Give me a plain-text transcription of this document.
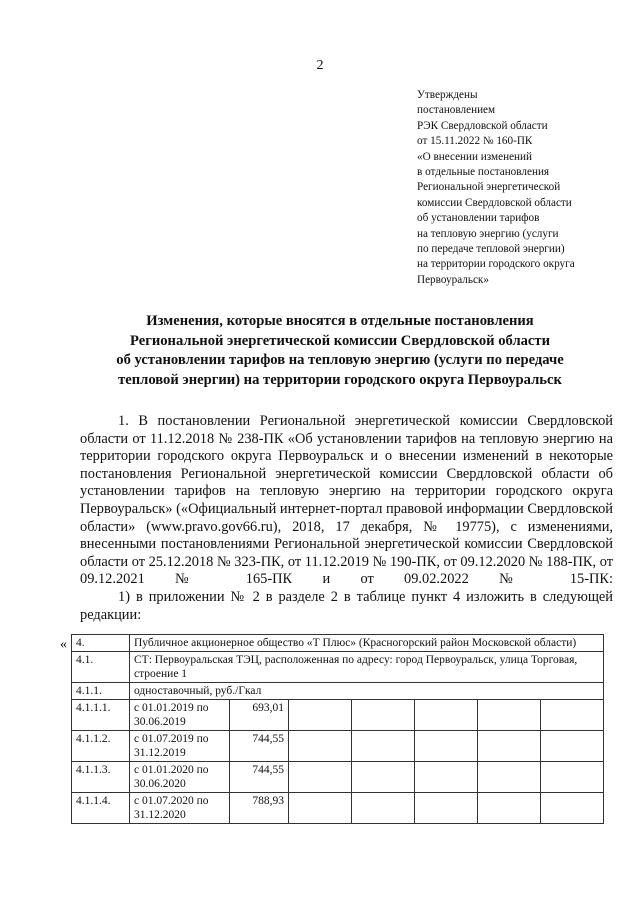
2
Утверждены
постановлением
РЭК Свердловской области
от 15.11.2022 № 160-ПК
«О внесении изменений
в отдельные постановления
Региональной энергетической
комиссии Свердловской области
об установлении тарифов
на тепловую энергию (услуги
по передаче тепловой энергии)
на территории городского округа
Первоуральск»
Изменения, которые вносятся в отдельные постановления
Региональной энергетической комиссии Свердловской области
об установлении тарифов на тепловую энергию (услуги по передаче
тепловой энергии) на территории городского округа Первоуральск

1. В постановлении Региональной энергетической комиссии Свердловской области от 11.12.2018 № 238-ПК «Об установлении тарифов на тепловую энергию на территории городского округа Первоуральск и о внесении изменений в некоторые постановления Региональной энергетической комиссии Свердловской области об установлении тарифов на тепловую энергию на территории городского округа Первоуральск» («Официальный интернет-портал правовой информации Свердловской области» (www.pravo.gov66.ru), 2018, 17 декабря, № 19775), с изменениями, внесенными постановлениями Региональной энергетической комиссии Свердловской области от 25.12.2018 № 323-ПК, от 11.12.2019 № 190-ПК, от 09.12.2020 № 188-ПК, от 09.12.2021 № 165-ПК и от 09.02.2022 № 15-ПК:

1) в приложении № 2 в разделе 2 в таблице пункт 4 изложить в следующей редакции:

« 4.	Публичное акционерное общество «Т Плюс» (Красногорский район Московской области)						
4.1.	СТ: Первоуральская ТЭЦ, расположенная по адресу: город Первоуральск, улица Торговая, строение 1						
4.1.1.	одноставочный, руб./Гкал						
4.1.1.1.	с 01.01.2019 по 30.06.2019	693,01					
4.1.1.2.	с 01.07.2019 по 31.12.2019	744,55					
4.1.1.3.	с 01.01.2020 по 30.06.2020	744,55					
4.1.1.4.	с 01.07.2020 по 31.12.2020	788,93					
